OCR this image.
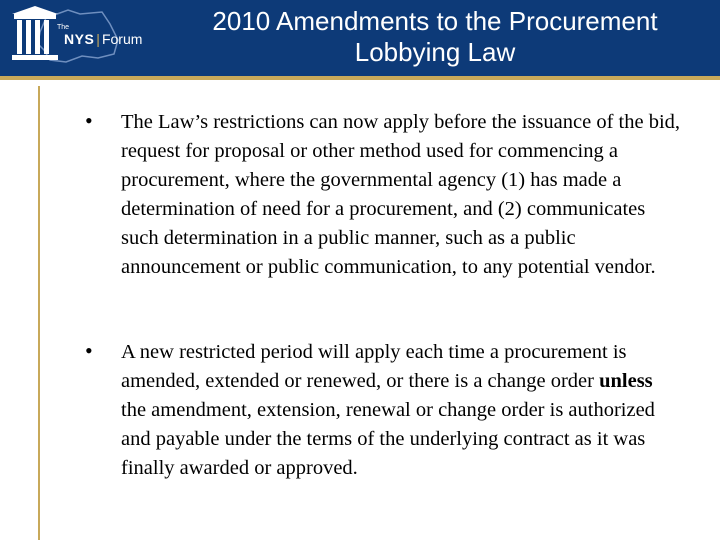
The
NYS | Forum
2010 Amendments to the Procurement
Lobbying Law
• The Law’s restrictions can now apply before the issuance of the bid, request for proposal or other method used for commencing a procurement, where the governmental agency (1) has made a determination of need for a procurement, and (2) communicates such determination in a public manner, such as a public announcement or public communication, to any potential vendor.
• A new restricted period will apply each time a procurement is amended, extended or renewed, or there is a change order unless the amendment, extension, renewal or change order is authorized and payable under the terms of the underlying contract as it was finally awarded or approved.
